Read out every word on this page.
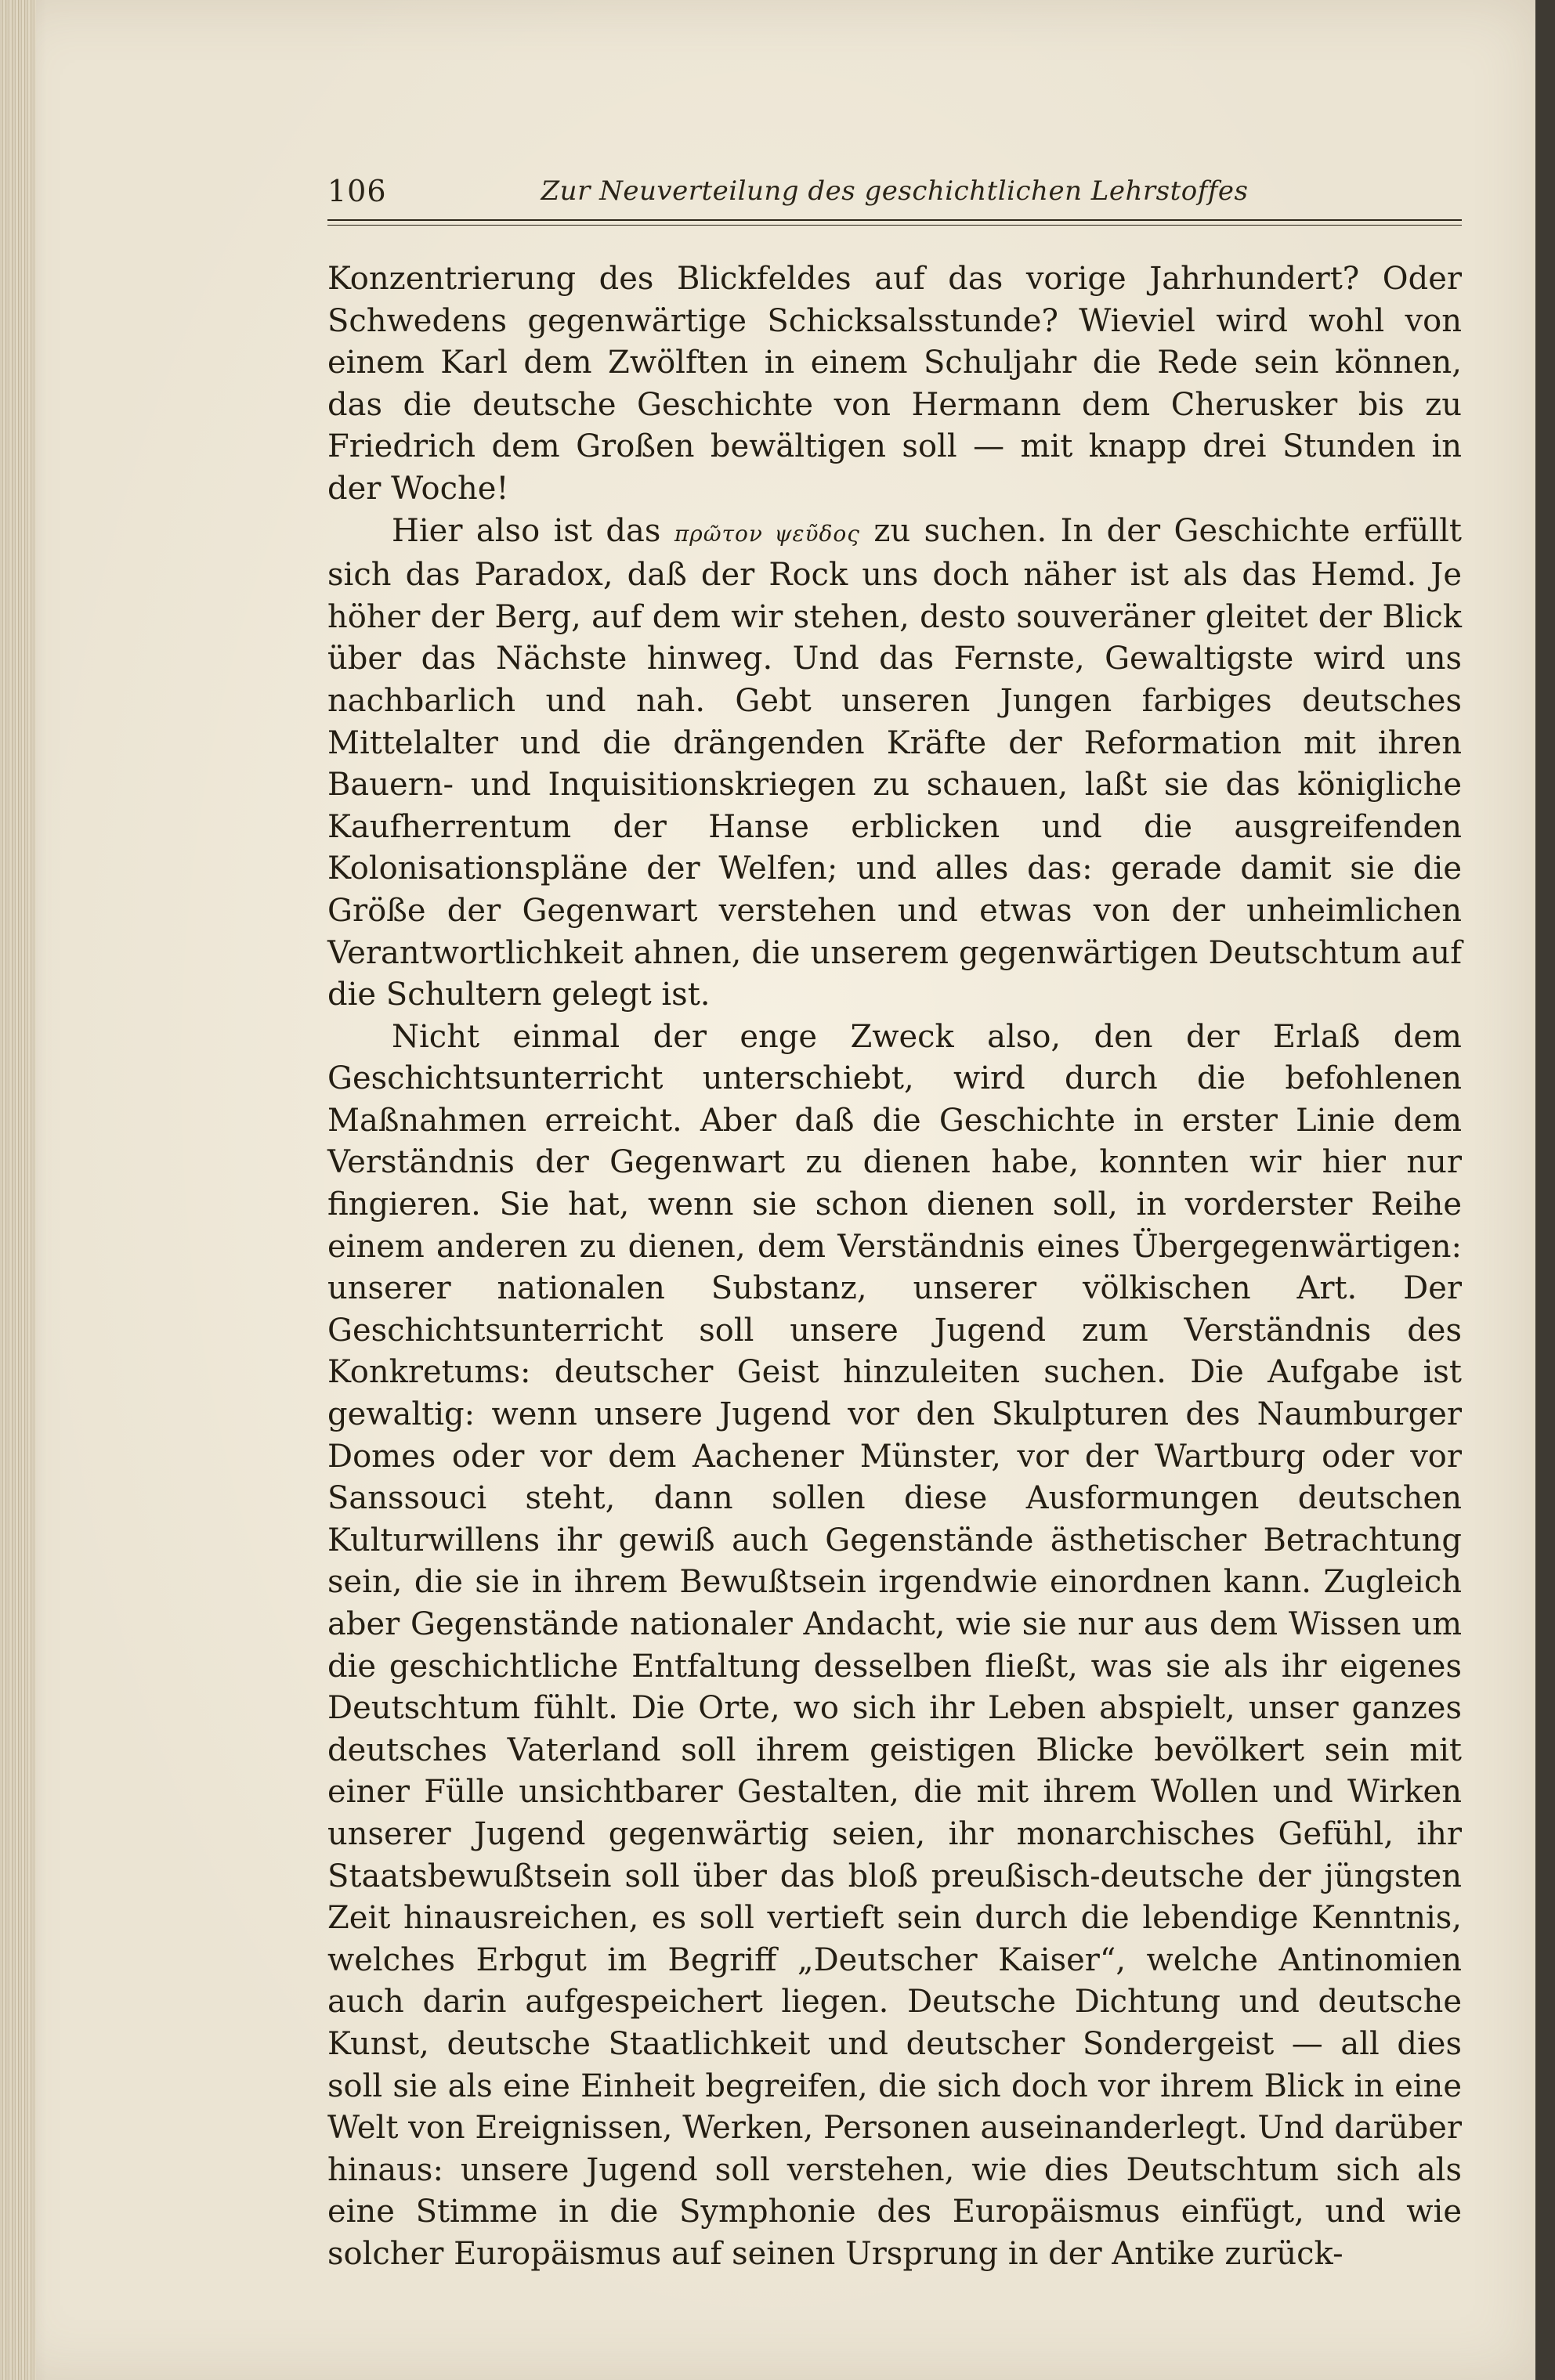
106	Zur Neuverteilung des geschichtlichen Lehrstoffes

Konzentrierung des Blickfeldes auf das vorige Jahrhundert? Oder Schwedens gegenwärtige Schicksalsstunde? Wieviel wird wohl von einem Karl dem Zwölften in einem Schuljahr die Rede sein können, das die deutsche Geschichte von Hermann dem Cherusker bis zu Friedrich dem Großen bewältigen soll — mit knapp drei Stunden in der Woche!

Hier also ist das πρῶτον ψεῦδος zu suchen. In der Geschichte erfüllt sich das Paradox, daß der Rock uns doch näher ist als das Hemd. Je höher der Berg, auf dem wir stehen, desto souveräner gleitet der Blick über das Nächste hinweg. Und das Fernste, Gewaltigste wird uns nachbarlich und nah. Gebt unseren Jungen farbiges deutsches Mittelalter und die drängenden Kräfte der Reformation mit ihren Bauern- und Inquisitionskriegen zu schauen, laßt sie das königliche Kaufherrentum der Hanse erblicken und die ausgreifenden Kolonisationspläne der Welfen; und alles das: gerade damit sie die Größe der Gegenwart verstehen und etwas von der unheimlichen Verantwortlichkeit ahnen, die unserem gegenwärtigen Deutschtum auf die Schultern gelegt ist.

Nicht einmal der enge Zweck also, den der Erlaß dem Geschichtsunterricht unterschiebt, wird durch die befohlenen Maßnahmen erreicht. Aber daß die Geschichte in erster Linie dem Verständnis der Gegenwart zu dienen habe, konnten wir hier nur fingieren. Sie hat, wenn sie schon dienen soll, in vorderster Reihe einem anderen zu dienen, dem Verständnis eines Übergegenwärtigen: unserer nationalen Substanz, unserer völkischen Art. Der Geschichtsunterricht soll unsere Jugend zum Verständnis des Konkretums: deutscher Geist hinzuleiten suchen. Die Aufgabe ist gewaltig: wenn unsere Jugend vor den Skulpturen des Naumburger Domes oder vor dem Aachener Münster, vor der Wartburg oder vor Sanssouci steht, dann sollen diese Ausformungen deutschen Kulturwillens ihr gewiß auch Gegenstände ästhetischer Betrachtung sein, die sie in ihrem Bewußtsein irgendwie einordnen kann. Zugleich aber Gegenstände nationaler Andacht, wie sie nur aus dem Wissen um die geschichtliche Entfaltung desselben fließt, was sie als ihr eigenes Deutschtum fühlt. Die Orte, wo sich ihr Leben abspielt, unser ganzes deutsches Vaterland soll ihrem geistigen Blicke bevölkert sein mit einer Fülle unsichtbarer Gestalten, die mit ihrem Wollen und Wirken unserer Jugend gegenwärtig seien, ihr monarchisches Gefühl, ihr Staatsbewußtsein soll über das bloß preußisch-deutsche der jüngsten Zeit hinausreichen, es soll vertieft sein durch die lebendige Kenntnis, welches Erbgut im Begriff „Deutscher Kaiser“, welche Antinomien auch darin aufgespeichert liegen. Deutsche Dichtung und deutsche Kunst, deutsche Staatlichkeit und deutscher Sondergeist — all dies soll sie als eine Einheit begreifen, die sich doch vor ihrem Blick in eine Welt von Ereignissen, Werken, Personen auseinanderlegt. Und darüber hinaus: unsere Jugend soll verstehen, wie dies Deutschtum sich als eine Stimme in die Symphonie des Europäismus einfügt, und wie solcher Europäismus auf seinen Ursprung in der Antike zurück-
